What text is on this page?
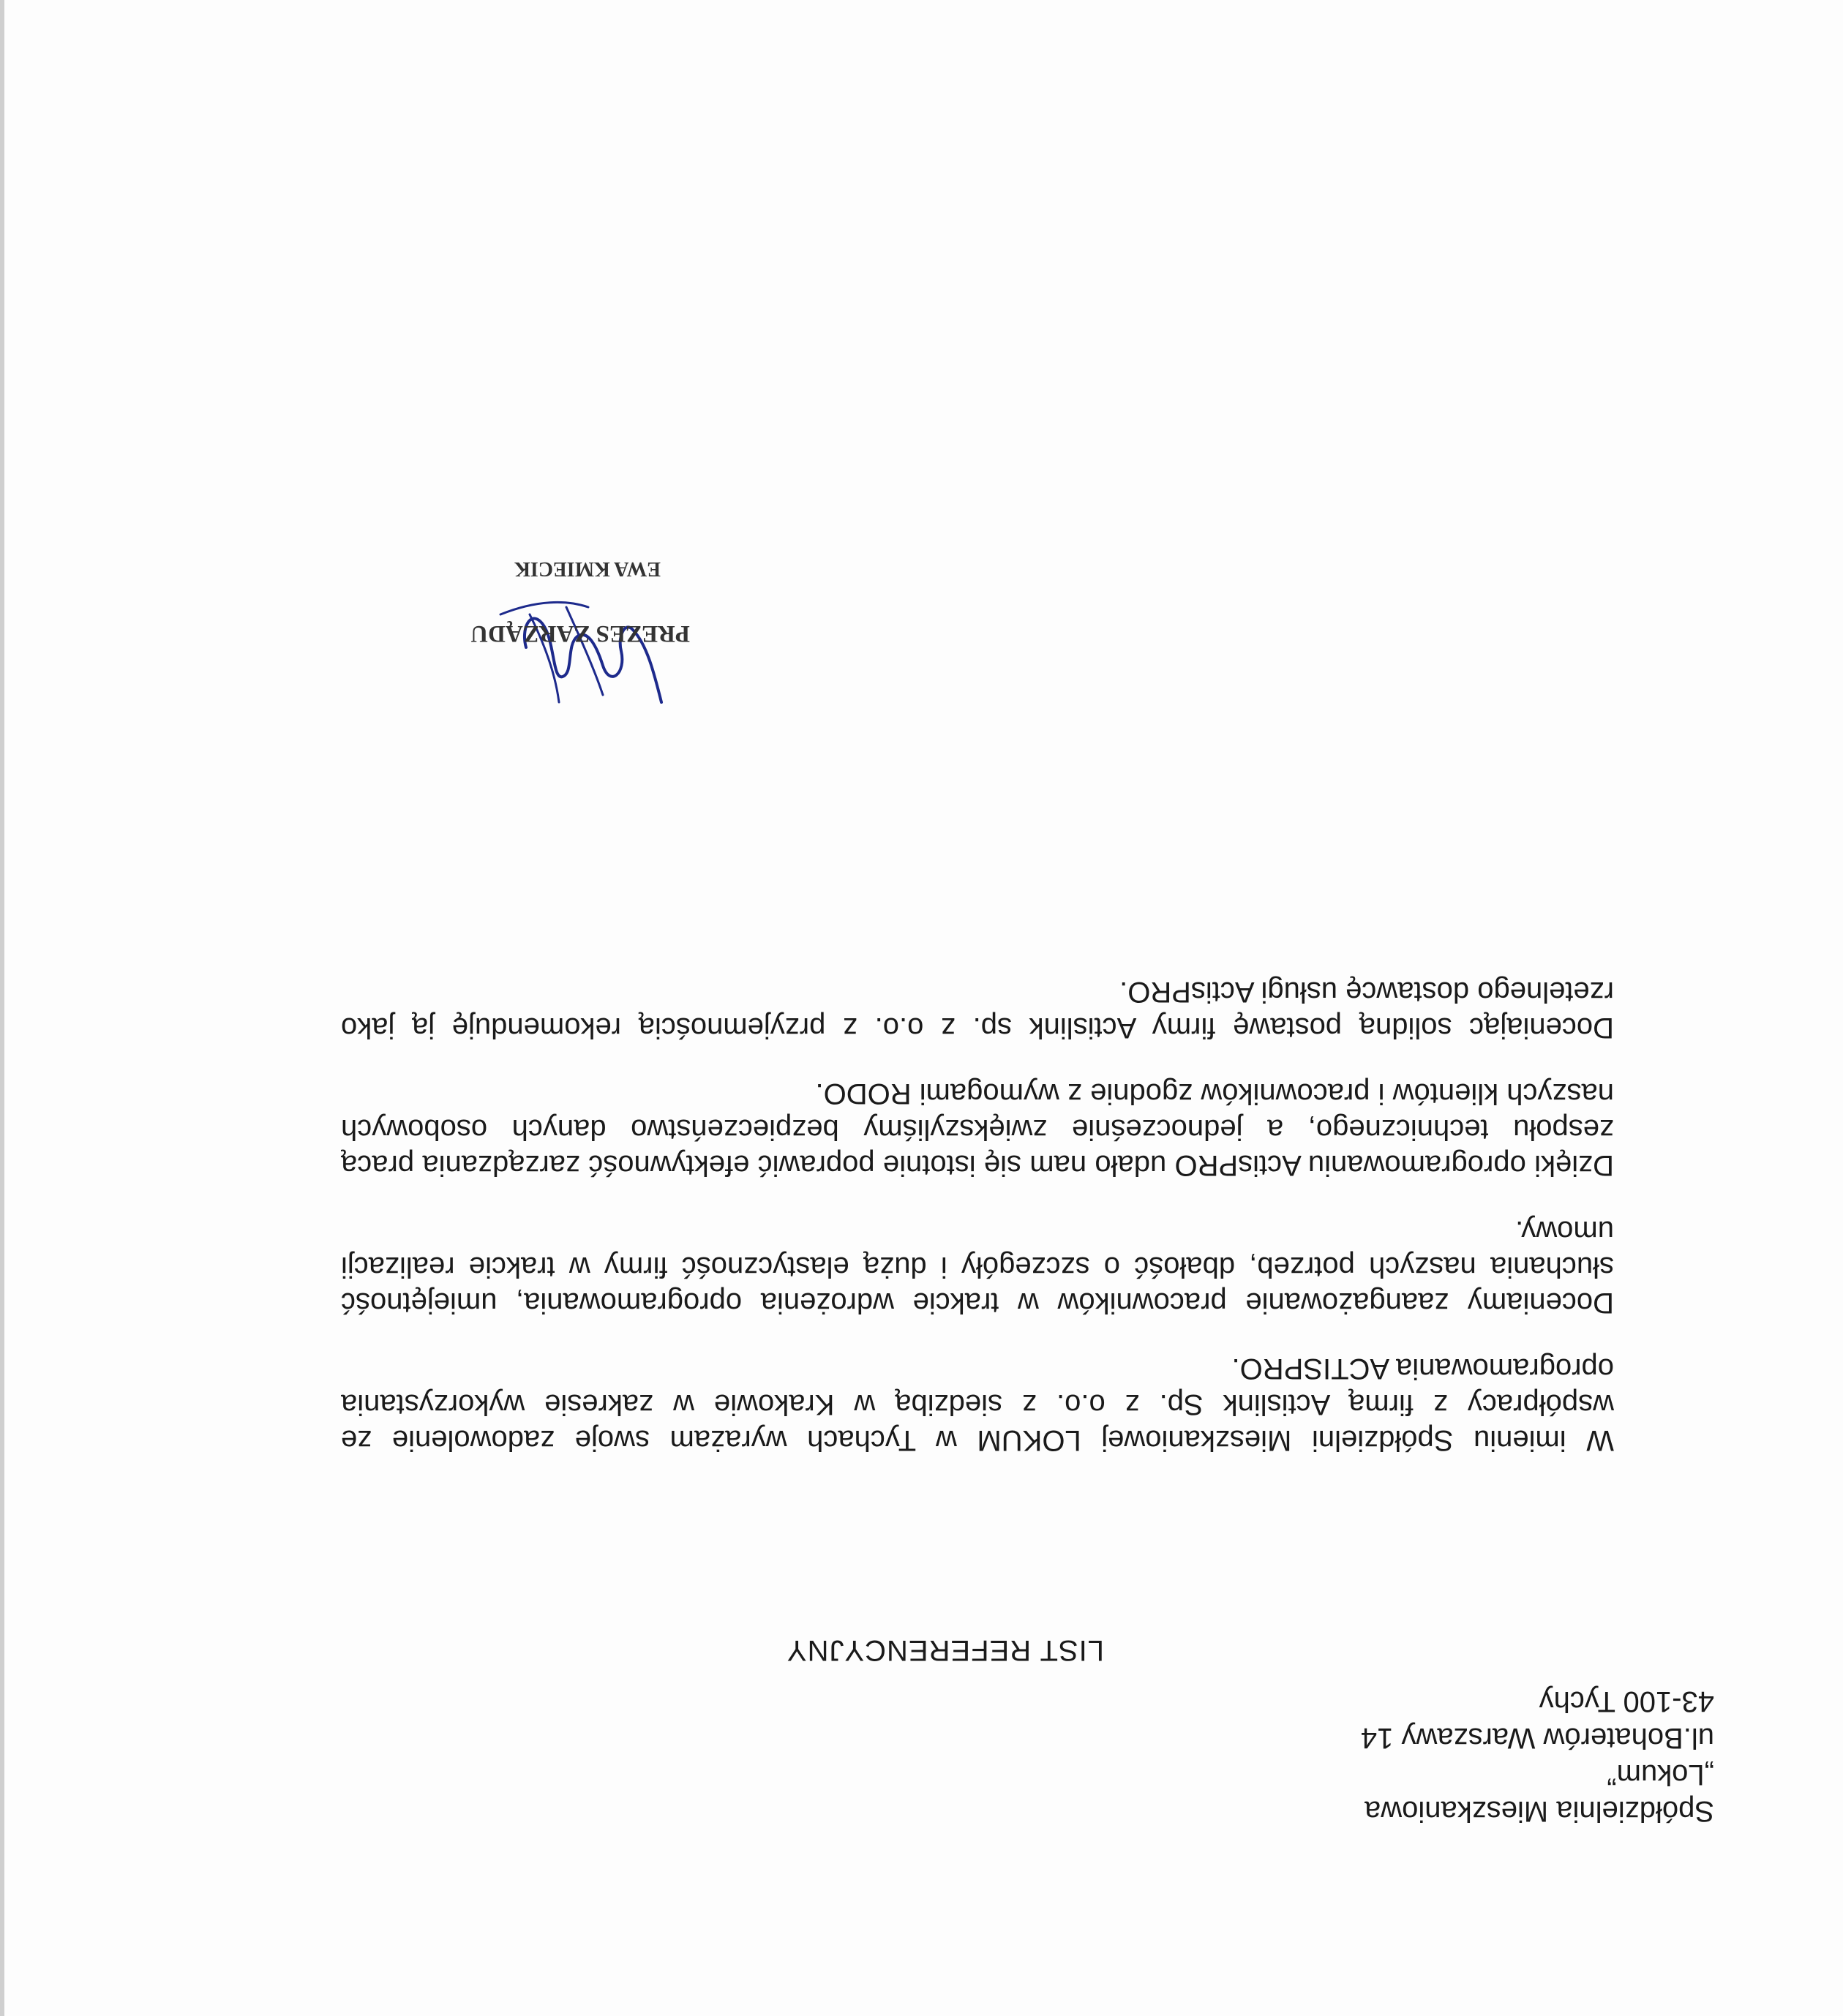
Spółdzielnia Mieszkaniowa
„Lokum”
ul.Bohaterów Warszawy 14
43-100 Tychy
LIST REFERENCYJNY

W imieniu Spółdzielni Mieszkaniowej LOKUM w Tychach wyrażam swoje zadowolenie ze współpracy z firmą Actislink Sp. z o.o. z siedzibą w Krakowie w zakresie wykorzystania oprogramowania ACTISPRO.

Doceniamy zaangażowanie pracowników w trakcie wdrożenia oprogramowania, umiejętność słuchania naszych potrzeb, dbałość o szczegóły i dużą elastyczność firmy w trakcie realizacji umowy.

Dzięki oprogramowaniu ActisPRO udało nam się istotnie poprawić efektywność zarządzania pracą zespołu technicznego, a jednocześnie zwiększyliśmy bezpieczeństwo danych osobowych naszych klientów i pracowników zgodnie z wymogami RODO.

Doceniając solidną postawę firmy Actislink sp. z o.o. z przyjemnością rekomenduję ją jako rzetelnego dostawcę usługi ActisPRO.

PREZES ZARZĄDU
EWA KMIECIK
